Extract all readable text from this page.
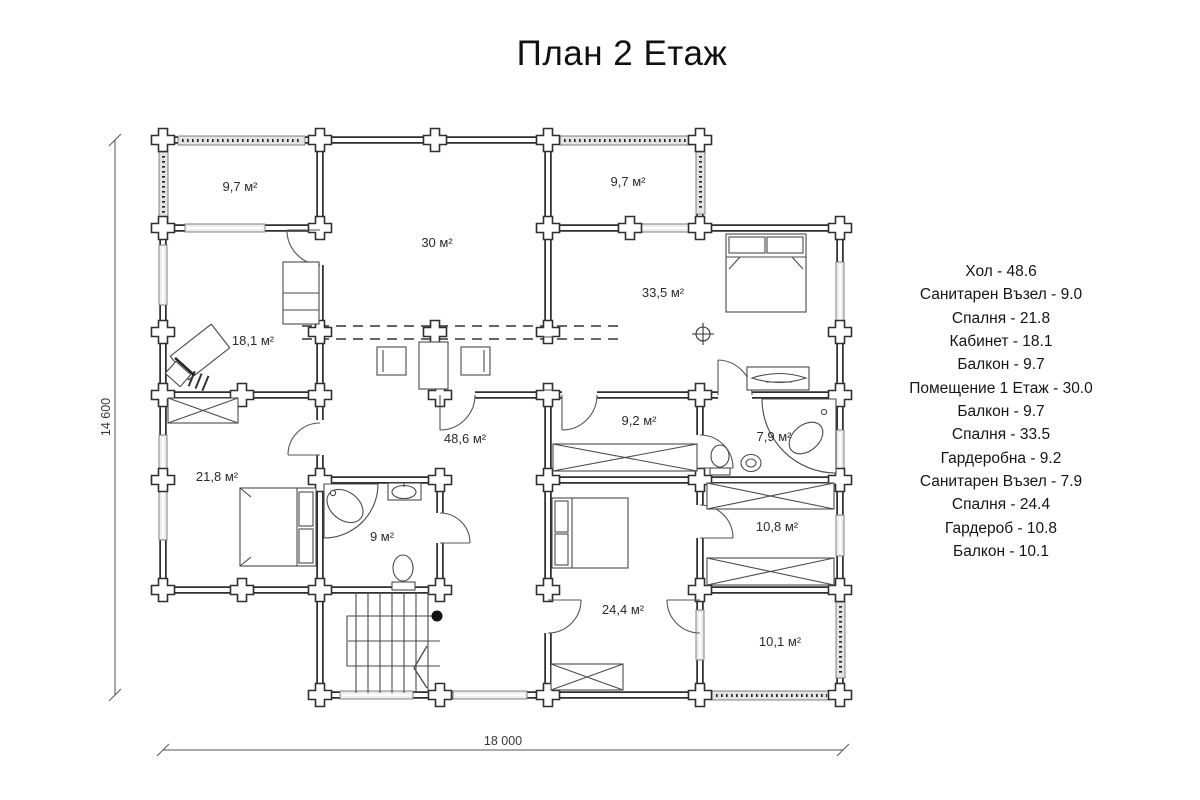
План 2 Етаж
9,7 м²
30 м²
9,7 м²
33,5 м²
18,1 м²
48,6 м²
9,2 м²
7,9 м²
21,8 м²
9 м²
10,8 м²
24,4 м²
10,1 м²
14 600
18 000
Хол - 48.6
Санитарен Възел - 9.0
Спалня - 21.8
Кабинет - 18.1
Балкон - 9.7
Помещение 1 Етаж - 30.0
Балкон - 9.7
Спалня - 33.5
Гардеробна - 9.2
Санитарен Възел - 7.9
Спалня - 24.4
Гардероб - 10.8
Балкон - 10.1
